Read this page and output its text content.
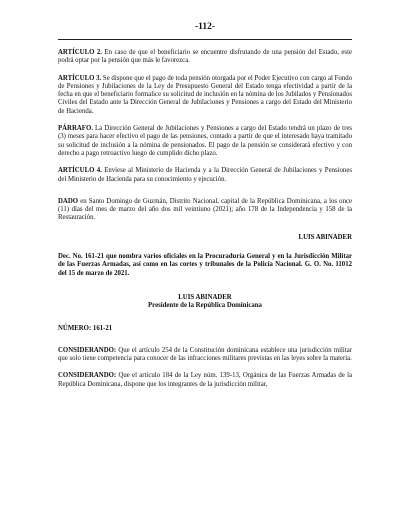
-112-

ARTÍCULO 2. En caso de que el beneficiario se encuentre disfrutando de una pensión del Estado, este podrá optar por la pensión que más le favorezca.

ARTÍCULO 3. Se dispone que el pago de toda pensión otorgada por el Poder Ejecutivo con cargo al Fondo de Pensiones y Jubilaciones de la Ley de Presupuesto General del Estado tenga efectividad a partir de la fecha en que el beneficiario formalice su solicitud de inclusión en la nómina de los Jubilados y Pensionados Civiles del Estado ante la Dirección General de Jubilaciones y Pensiones a cargo del Estado del Ministerio de Hacienda.

PÁRRAFO. La Dirección General de Jubilaciones y Pensiones a cargo del Estado tendrá un plazo de tres (3) meses para hacer efectivo el pago de las pensiones, contado a partir de que el interesado haya tramitado su solicitud de inclusión a la nómina de pensionados. El pago de la pensión se considerará efectivo y con derecho a pago retroactivo luego de cumplido dicho plazo.

ARTÍCULO 4. Envíese al Ministerio de Hacienda y a la Dirección General de Jubilaciones y Pensiones del Ministerio de Hacienda para su conocimiento y ejecución.

DADO en Santo Domingo de Guzmán, Distrito Nacional, capital de la República Dominicana, a los once (11) días del mes de marzo del año dos mil veintiuno (2021); año 178 de la Independencia y 158 de la Restauración.

LUIS ABINADER
Dec. No. 161-21 que nombra varios oficiales en la Procuraduría General y en la Jurisdicción Militar de las Fuerzas Armadas, así como en las cortes y tribunales de la Policía Nacional. G. O. No. 11012 del 15 de marzo de 2021.
LUIS ABINADER
Presidente de la República Dominicana
NÚMERO: 161-21

CONSIDERANDO: Que el artículo 254 de la Constitución dominicana establece una jurisdicción militar que solo tiene competencia para conocer de las infracciones militares previstas en las leyes sobre la materia.

CONSIDERANDO: Que el artículo 184 de la Ley núm. 139-13, Orgánica de las Fuerzas Armadas de la República Dominicana, dispone que los integrantes de la jurisdicción militar,
